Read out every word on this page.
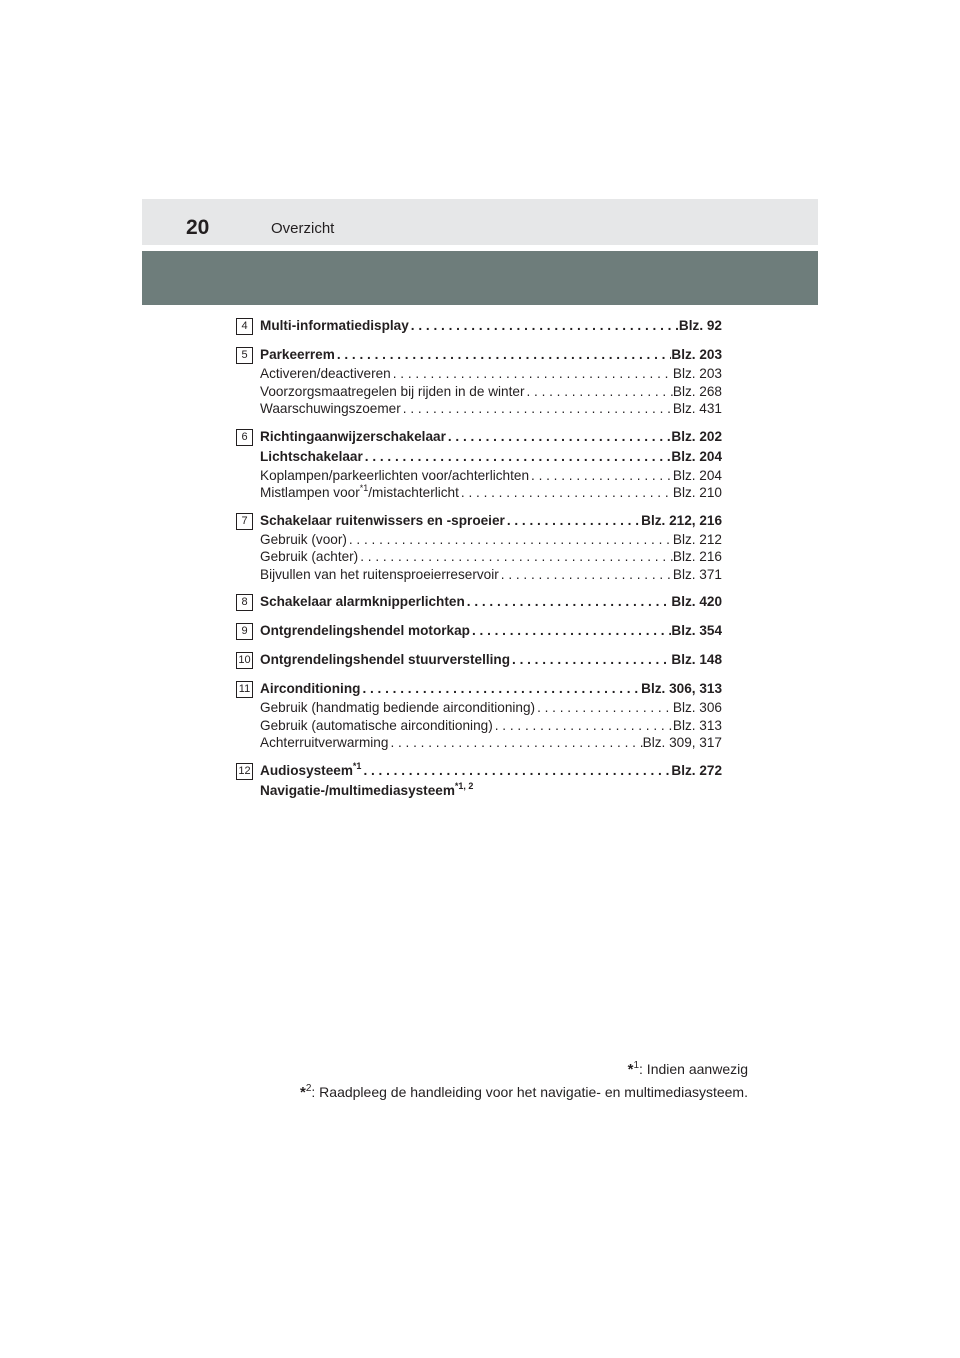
20	Overzicht
4 Multi-informatiedisplay . . .	Blz. 92
5 Parkeerrem . . .	Blz. 203
Activeren/deactiveren . . .	Blz. 203
Voorzorgsmaatregelen bij rijden in de winter . . .	Blz. 268
Waarschuwingszoemer . . .	Blz. 431
6 Richtingaanwijzerschakelaar . . .	Blz. 202
Lichtschakelaar . . .	Blz. 204
Koplampen/parkeerlichten voor/achterlichten . . .	Blz. 204
Mistlampen voor$^{*1}$/mistachterlicht . . .	Blz. 210
7 Schakelaar ruitenwissers en -sproeier . . .	Blz. 212, 216
Gebruik (voor) . . .	Blz. 212
Gebruik (achter) . . .	Blz. 216
Bijvullen van het ruitensproeierreservoir . . .	Blz. 371
8 Schakelaar alarmknipperlichten . . .	Blz. 420
9 Ontgrendelingshendel motorkap . . .	Blz. 354
10 Ontgrendelingshendel stuurverstelling . . .	Blz. 148
11 Airconditioning . . .	Blz. 306, 313
Gebruik (handmatig bediende airconditioning) . . .	Blz. 306
Gebruik (automatische airconditioning) . . .	Blz. 313
Achterruitverwarming . . .	Blz. 309, 317
12 Audiosysteem$^{*1}$ . . .	Blz. 272
Navigatie-/multimediasysteem$^{*1, 2}$
*$^1$: Indien aanwezig
*$^2$: Raadpleeg de handleiding voor het navigatie- en multimediasysteem.
